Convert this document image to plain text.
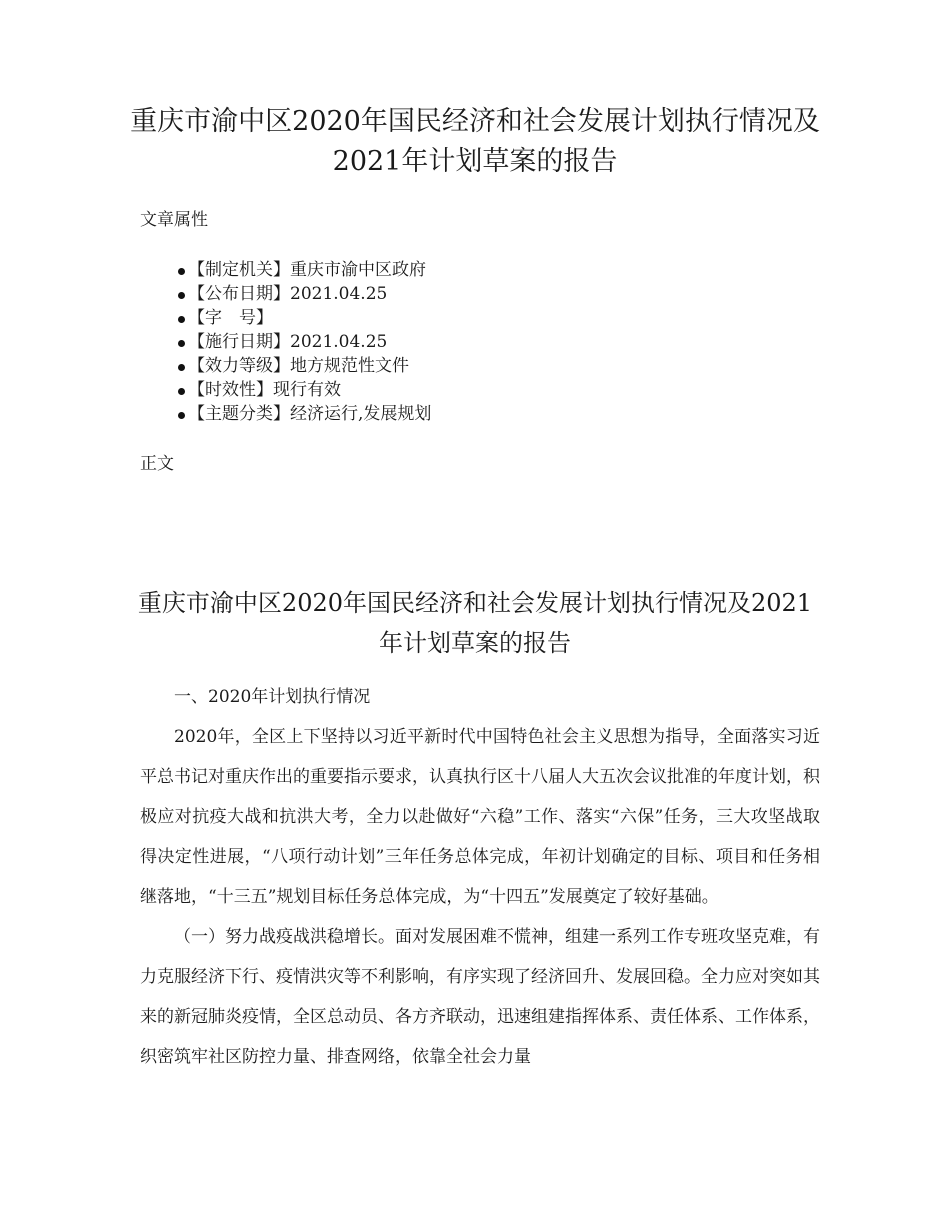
重庆市渝中区2020年国民经济和社会发展计划执行情况及2021年计划草案的报告

文章属性

【制定机关】重庆市渝中区政府
【公布日期】2021.04.25
【字　号】
【施行日期】2021.04.25
【效力等级】地方规范性文件
【时效性】现行有效
【主题分类】经济运行,发展规划

正文

重庆市渝中区2020年国民经济和社会发展计划执行情况及2021年计划草案的报告

一、2020年计划执行情况

2020年，全区上下坚持以习近平新时代中国特色社会主义思想为指导，全面落实习近平总书记对重庆作出的重要指示要求，认真执行区十八届人大五次会议批准的年度计划，积极应对抗疫大战和抗洪大考，全力以赴做好“六稳”工作、落实“六保”任务，三大攻坚战取得决定性进展，“八项行动计划”三年任务总体完成，年初计划确定的目标、项目和任务相继落地，“十三五”规划目标任务总体完成，为“十四五”发展奠定了较好基础。

（一）努力战疫战洪稳增长。面对发展困难不慌神，组建一系列工作专班攻坚克难，有力克服经济下行、疫情洪灾等不利影响，有序实现了经济回升、发展回稳。全力应对突如其来的新冠肺炎疫情，全区总动员、各方齐联动，迅速组建指挥体系、责任体系、工作体系，织密筑牢社区防控力量、排查网络，依靠全社会力量
